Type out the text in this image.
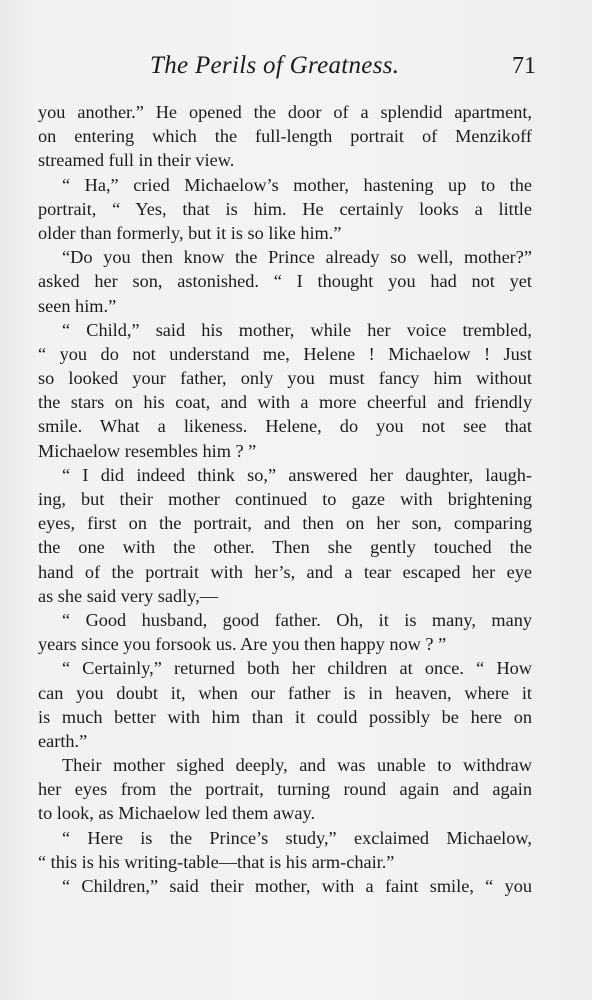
The Perils of Greatness.	71
you another.” He opened the door of a splendid apartment,
on entering which the full-length portrait of Menzikoff
streamed full in their view.
“ Ha,” cried Michaelow’s mother, hastening up to the
portrait, “ Yes, that is him. He certainly looks a little
older than formerly, but it is so like him.”
“Do you then know the Prince already so well, mother?”
asked her son, astonished. “ I thought you had not yet
seen him.”
“ Child,” said his mother, while her voice trembled,
“ you do not understand me, Helene ! Michaelow ! Just
so looked your father, only you must fancy him without
the stars on his coat, and with a more cheerful and friendly
smile. What a likeness. Helene, do you not see that
Michaelow resembles him ? ”
“ I did indeed think so,” answered her daughter, laugh-
ing, but their mother continued to gaze with brightening
eyes, first on the portrait, and then on her son, comparing
the one with the other. Then she gently touched the
hand of the portrait with her’s, and a tear escaped her eye
as she said very sadly,—
“ Good husband, good father. Oh, it is many, many
years since you forsook us. Are you then happy now ? ”
“ Certainly,” returned both her children at once. “ How
can you doubt it, when our father is in heaven, where it
is much better with him than it could possibly be here on
earth.”
Their mother sighed deeply, and was unable to withdraw
her eyes from the portrait, turning round again and again
to look, as Michaelow led them away.
“ Here is the Prince’s study,” exclaimed Michaelow,
“ this is his writing-table—that is his arm-chair.”
“ Children,” said their mother, with a faint smile, “ you
